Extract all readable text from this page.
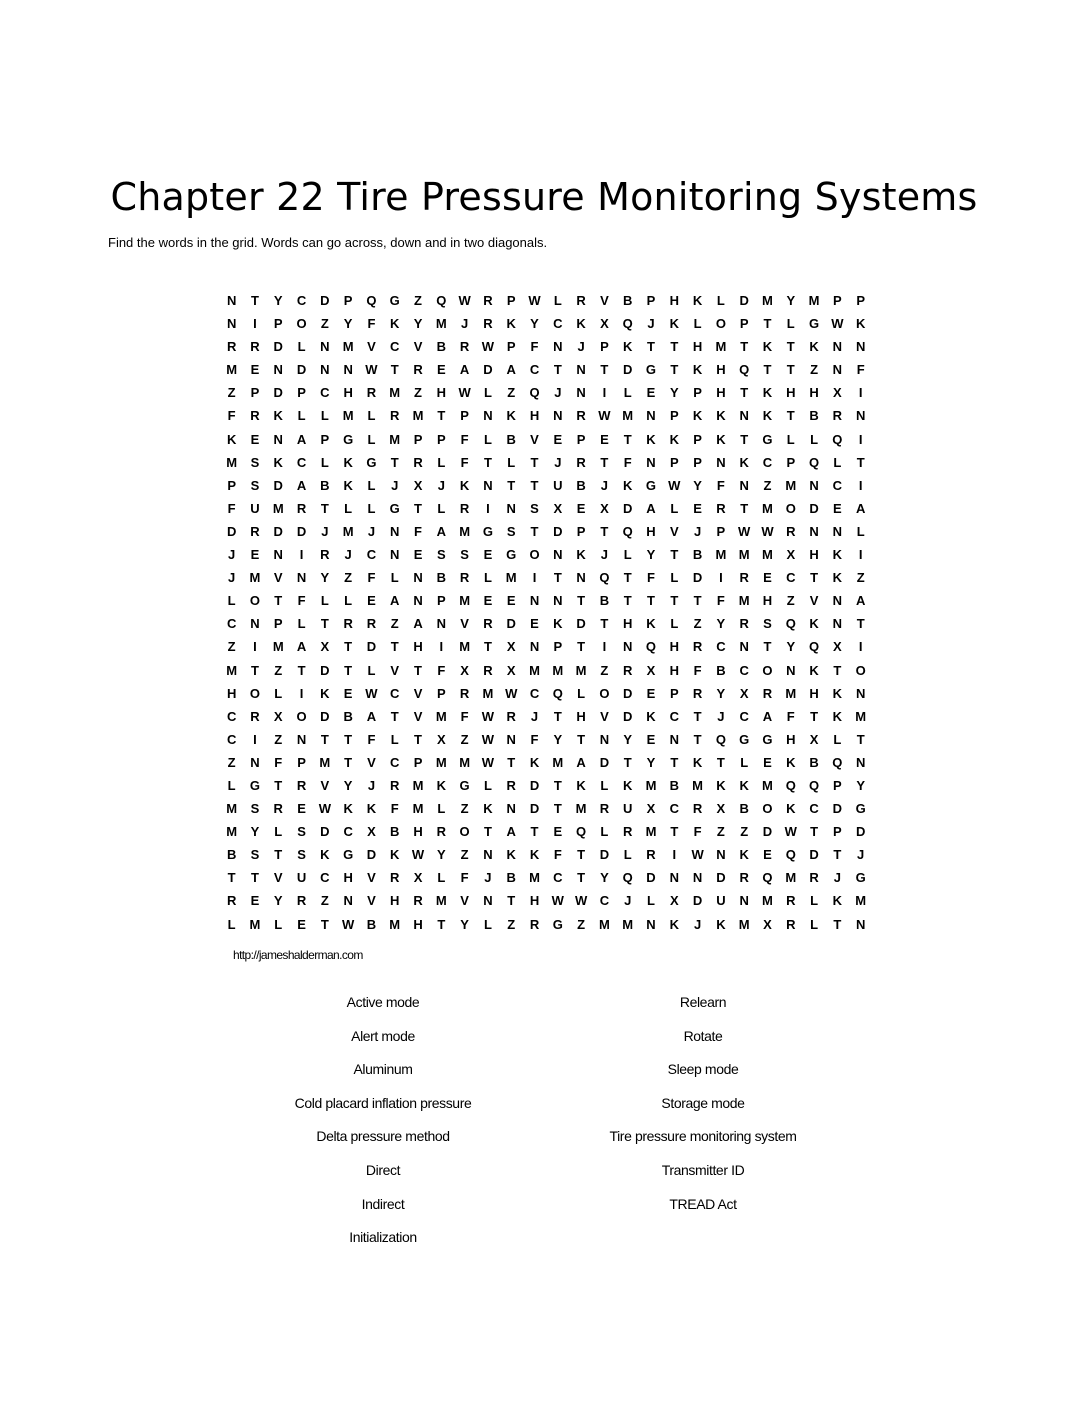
Chapter 22 Tire Pressure Monitoring Systems
Find the words in the grid. Words can go across, down and in two diagonals.
N T Y C D P Q G Z Q W R P W L R V B P H K L D M Y M P P
N I P O Z Y F K Y M J R K Y C K X Q J K L O P T L G W K
R R D L N M V C V B R W P F N J P K T T H M T K T K N N
M E N D N N W T R E A D A C T N T D G T K H Q T T Z N F
Z P D P C H R M Z H W L Z Q J N I L E Y P H T K H H X I
F R K L L M L R M T P N K H N R W M N P K K N K T B R N
K E N A P G L M P P F L B V E P E T K K P K T G L L Q I
M S K C L K G T R L F T L T J R T F N P P N K C P Q L T
P S D A B K L J X J K N T T U B J K G W Y F N Z M N C I
F U M R T L L G T L R I N S X E X D A L E R T M O D E A
D R D D J M J N F A M G S T D P T Q H V J P W W R N N L
J E N I R J C N E S S E G O N K J L Y T B M M M X H K I
J M V N Y Z F L N B R L M I T N Q T F L D I R E C T K Z
L O T F L L E A N P M E E N N T B T T T T F M H Z V N A
C N P L T R R Z A N V R D E K D T H K L Z Y R S Q K N T
Z I M A X T D T H I M T X N P T I N Q H R C N T Y Q X I
M T Z T D T L V T F X R X M M M Z R X H F B C O N K T O
H O L I K E W C V P R M W C Q L O D E P R Y X R M H K N
C R X O D B A T V M F W R J T H V D K C T J C A F T K M
C I Z N T T F L T X Z W N F Y T N Y E N T Q G G H X L T
Z N F P M T V C P M M W T K M A D T Y T K T L E K B Q N
L G T R V Y J R M K G L R D T K L K M B M K K M Q Q P Y
M S R E W K K F M L Z K N D T M R U X C R X B O K C D G
M Y L S D C X B H R O T A T E Q L R M T F Z Z D W T P D
B S T S K G D K W Y Z N K K F T D L R I W N K E Q D T J
T T V U C H V R X L F J B M C T Y Q D N N D R Q M R J G
R E Y R Z N V H R M V N T H W W C J L X D U N M R L K M
L M L E T W B M H T Y L Z R G Z M M N K J K M X R L T N
http://jameshalderman.com
Active mode
Alert mode
Aluminum
Cold placard inflation pressure
Delta pressure method
Direct
Indirect
Initialization
Relearn
Rotate
Sleep mode
Storage mode
Tire pressure monitoring system
Transmitter ID
TREAD Act
